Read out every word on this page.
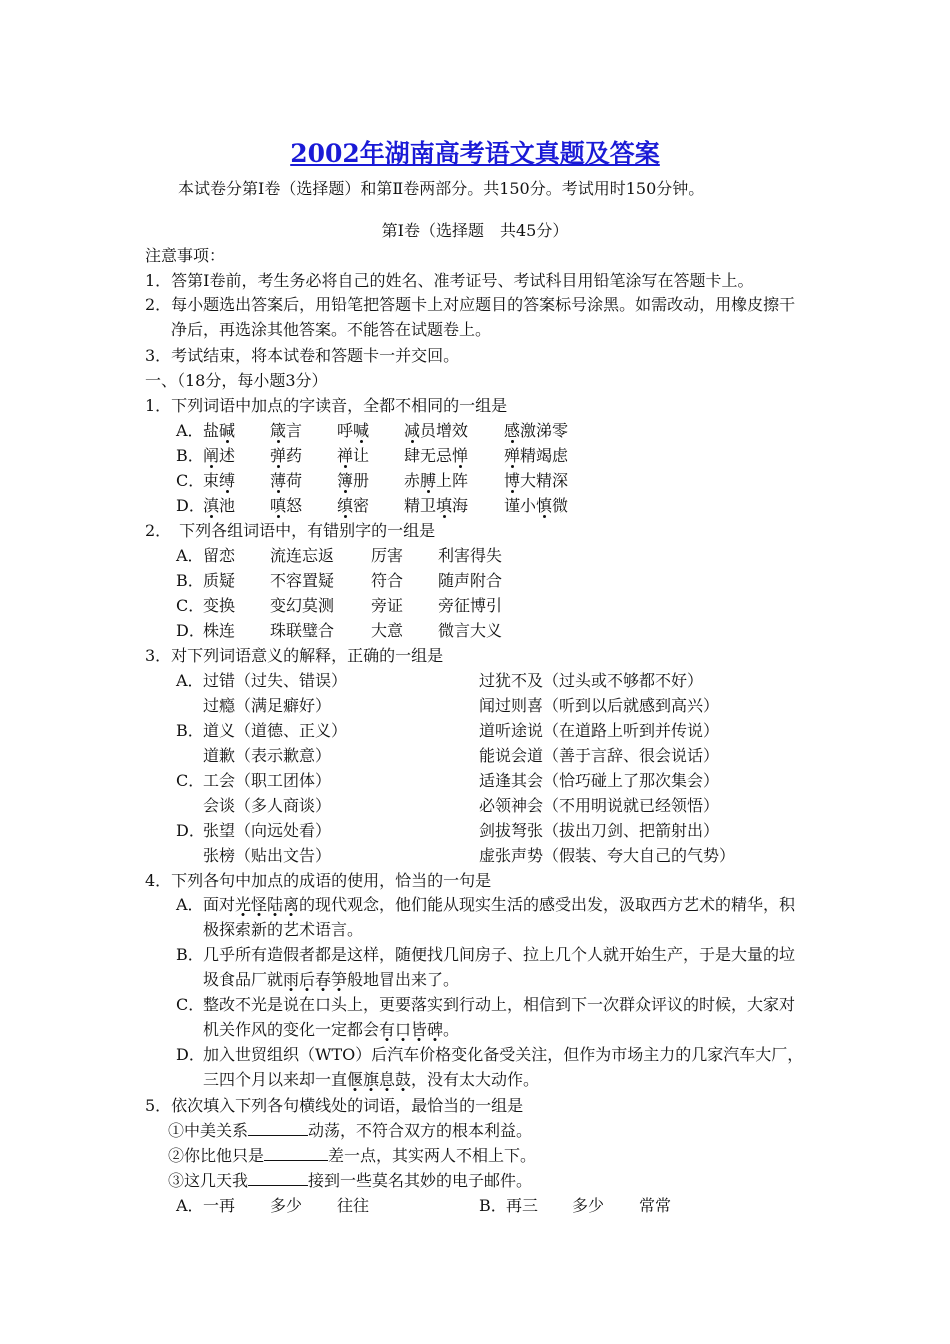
2002年湖南高考语文真题及答案
本试卷分第Ⅰ卷（选择题）和第Ⅱ卷两部分。共150分。考试用时150分钟。
第Ⅰ卷（选择题　共45分）
注意事项：
1．答第Ⅰ卷前，考生务必将自己的姓名、准考证号、考试科目用铅笔涂写在答题卡上。
2．每小题选出答案后，用铅笔把答题卡上对应题目的答案标号涂黑。如需改动，用橡皮擦干净后，再选涂其他答案。不能答在试题卷上。
3．考试结束，将本试卷和答题卡一并交回。
一、（18分，每小题3分）
1．下列词语中加点的字读音，全都不相同的一组是
A． 盐碱 箴言 呼喊 减员增效 感激涕零
B． 阐述 弹药 禅让 肆无忌惮 殚精竭虑
C．
束缚 薄荷 簿册 赤膊上阵 博大精深
D．
滇池 嗔怒 缜密 精卫填海 谨小慎微
2．　下列各组词语中，有错别字的一组是
A． 留恋 流连忘返 厉害 利害得失
B． 质疑 不容置疑 符合 随声附合
C．
变换 变幻莫测 旁证 旁征博引
D．
株连 珠联璧合 大意 微言大义
3．对下列词语意义的解释，正确的一组是
A． 过错（过失、错误）	过犹不及（过头或不够都不好）
过瘾（满足癖好）	闻过则喜（听到以后就感到高兴）
B． 道义（道德、正义）	道听途说（在道路上听到并传说）
道歉（表示歉意）	能说会道（善于言辞、很会说话）
C．
工会（职工团体）	适逢其会（恰巧碰上了那次集会）
会谈（多人商谈）	必领神会（不用明说就已经领悟）
D．
张望（向远处看）	剑拔弩张（拔出刀剑、把箭射出）
张榜（贴出文告）	虚张声势（假装、夸大自己的气势）
4．下列各句中加点的成语的使用，恰当的一句是
A． 面对光怪陆离的现代观念，他们能从现实生活的感受出发，汲取西方艺术的精华，积极探索新的艺术语言。
B． 几乎所有造假者都是这样，随便找几间房子、拉上几个人就开始生产，于是大量的垃圾食品厂就雨后春笋般地冒出来了。
C．
整改不光是说在口头上，更要落实到行动上，相信到下一次群众评议的时候，大家对机关作风的变化一定都会有口皆碑。
D．
加入世贸组织（WTO）后汽车价格变化备受关注，但作为市场主力的几家汽车大厂，三四个月以来却一直偃旗息鼓，没有太大动作。
5．依次填入下列各句横线处的词语，最恰当的一组是
①中美关系	动荡，不符合双方的根本利益。
②你比他只是	差一点，其实两人不相上下。
③这几天我	接到一些莫名其妙的电子邮件。
A． 一再 多少 往往	B． 再三 多少 常常
